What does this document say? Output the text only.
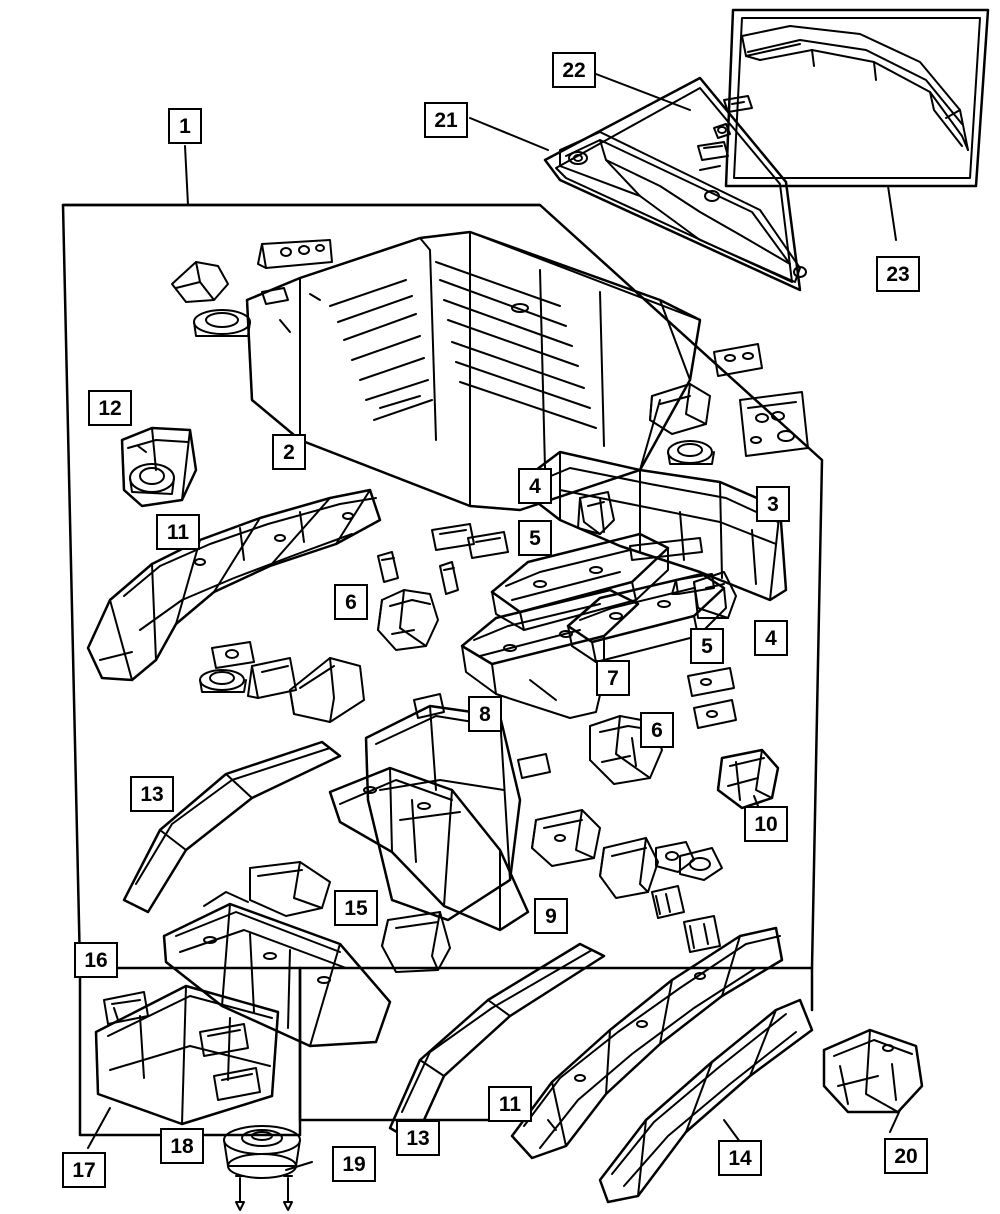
1
2
3
4
4
5
5
6
6
7
8
9
10
11
11
12
13
13
14
15
16
17
18
19	20
21
22
23
